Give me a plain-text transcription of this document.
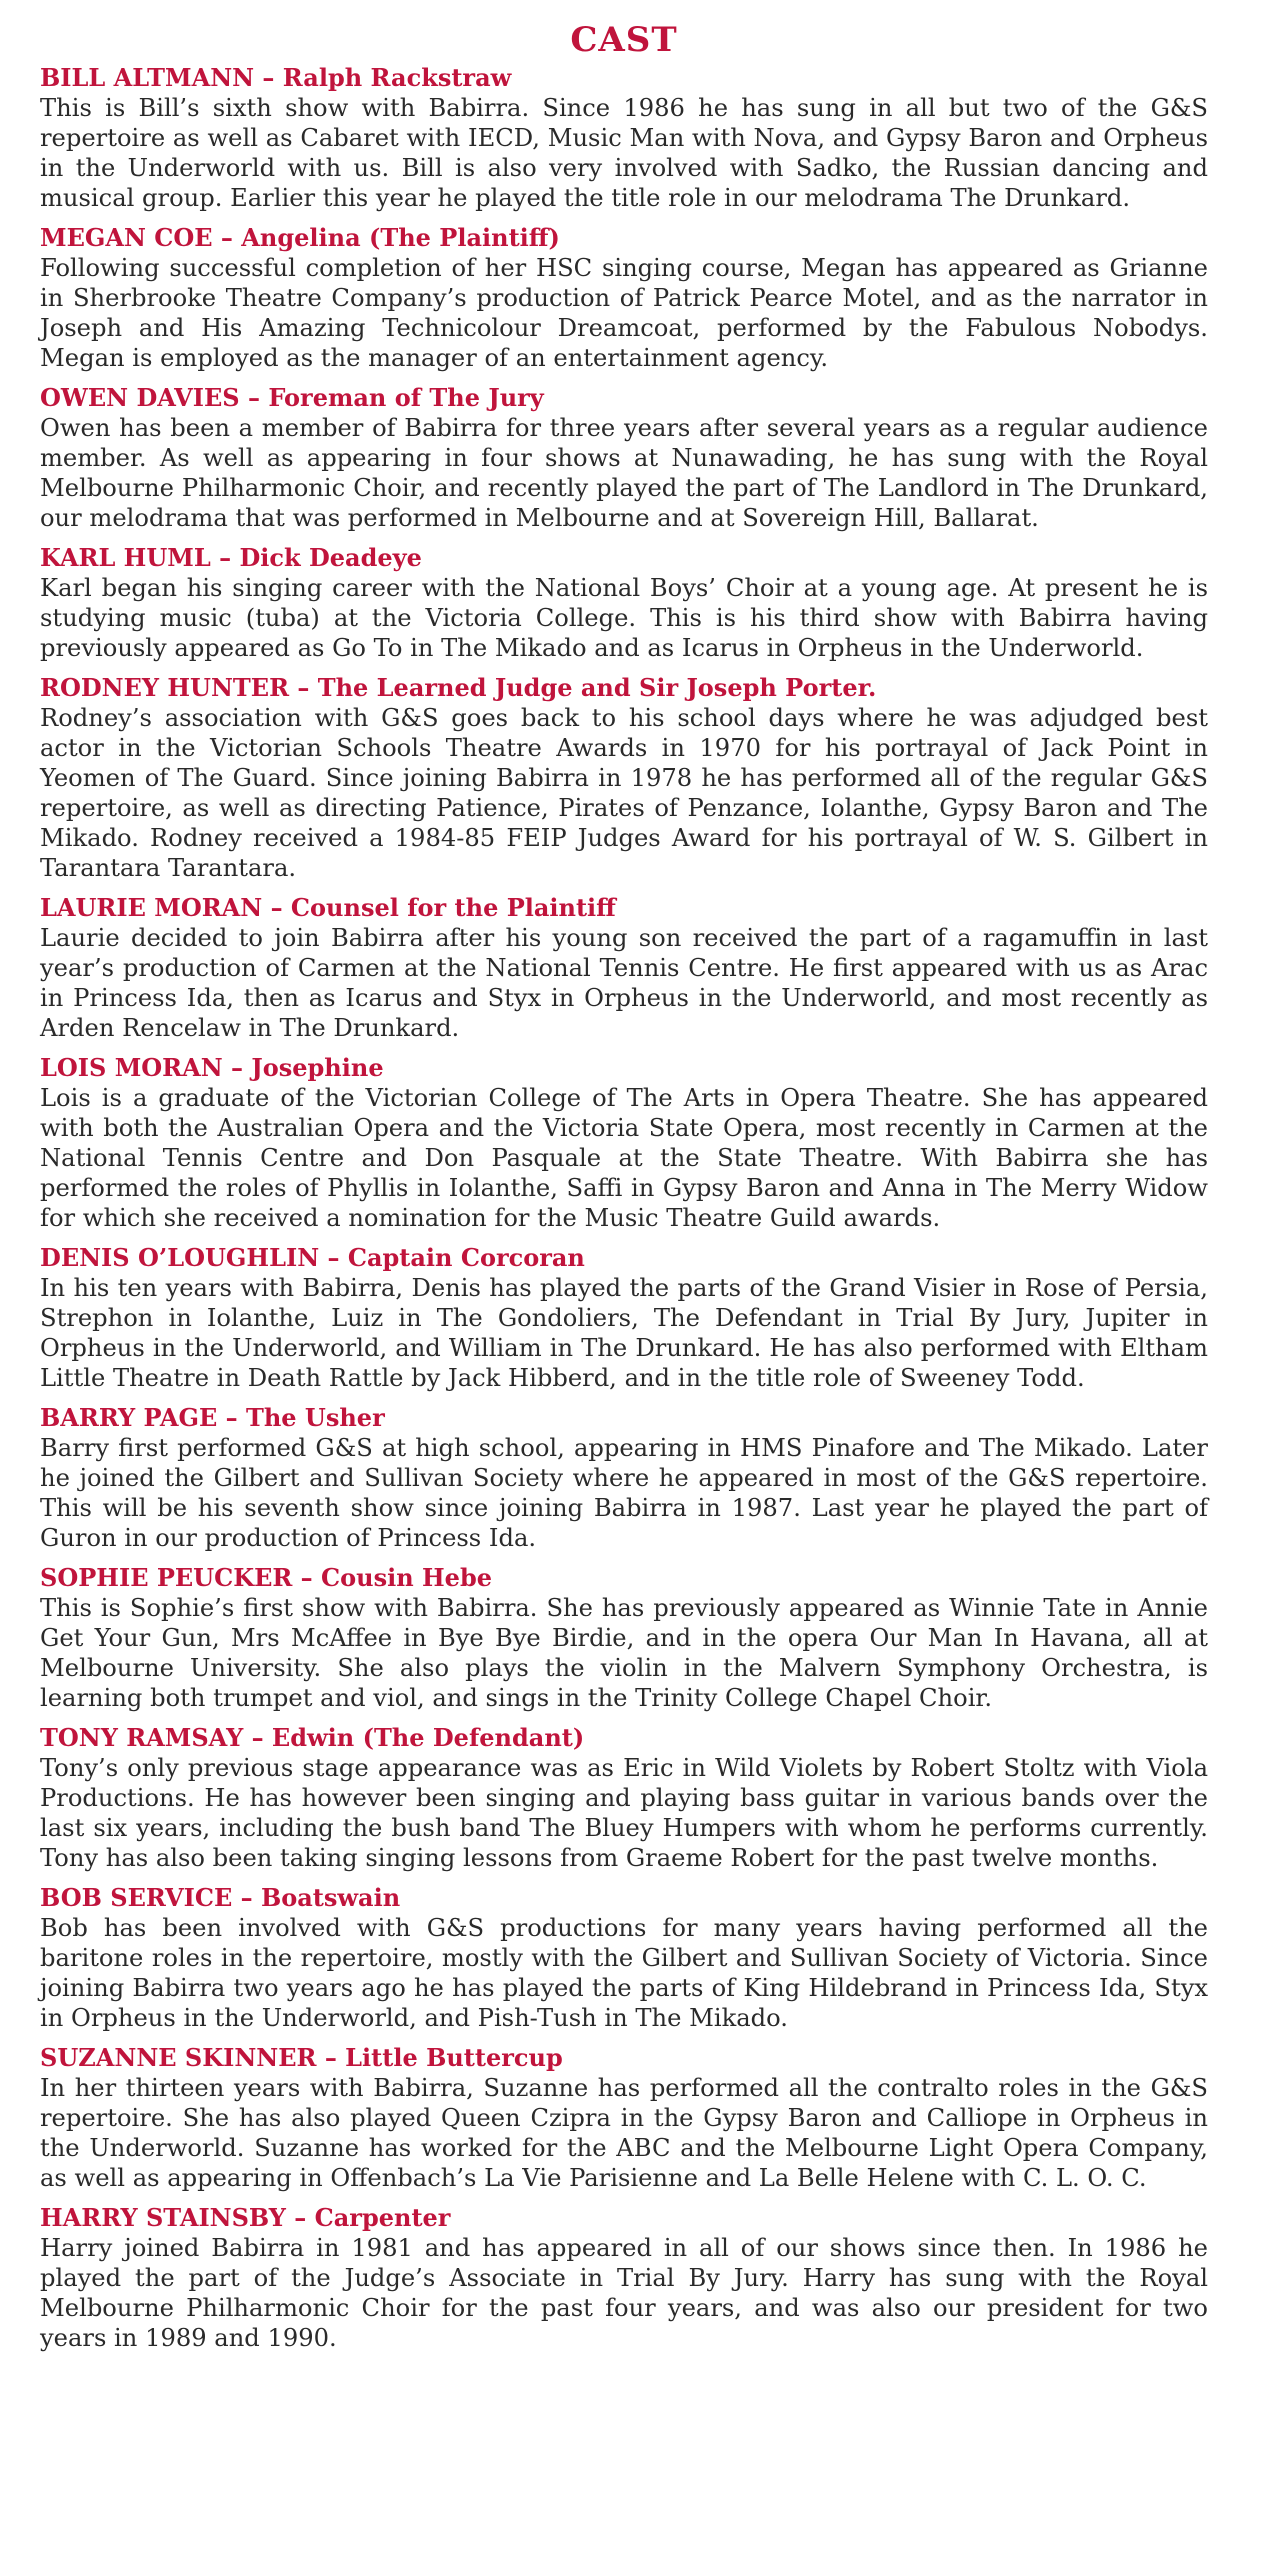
CAST

BILL ALTMANN – Ralph Rackstraw

This is Bill’s sixth show with Babirra. Since 1986 he has sung in all but two of the G&S repertoire as well as Cabaret with IECD, Music Man with Nova, and Gypsy Baron and Orpheus in the Underworld with us. Bill is also very involved with Sadko, the Russian dancing and musical group. Earlier this year he played the title role in our melodrama The Drunkard.

MEGAN COE – Angelina (The Plaintiff)

Following successful completion of her HSC singing course, Megan has appeared as Grianne in Sherbrooke Theatre Company’s production of Patrick Pearce Motel, and as the narrator in Joseph and His Amazing Technicolour Dreamcoat, performed by the Fabulous Nobodys. Megan is employed as the manager of an entertainment agency.

OWEN DAVIES – Foreman of The Jury

Owen has been a member of Babirra for three years after several years as a regular audience member. As well as appearing in four shows at Nunawading, he has sung with the Royal Melbourne Philharmonic Choir, and recently played the part of The Landlord in The Drunkard, our melodrama that was performed in Melbourne and at Sovereign Hill, Ballarat.

KARL HUML – Dick Deadeye

Karl began his singing career with the National Boys’ Choir at a young age. At present he is studying music (tuba) at the Victoria College. This is his third show with Babirra having previously appeared as Go To in The Mikado and as Icarus in Orpheus in the Underworld.

RODNEY HUNTER – The Learned Judge and Sir Joseph Porter.

Rodney’s association with G&S goes back to his school days where he was adjudged best actor in the Victorian Schools Theatre Awards in 1970 for his portrayal of Jack Point in Yeomen of The Guard. Since joining Babirra in 1978 he has performed all of the regular G&S repertoire, as well as directing Patience, Pirates of Penzance, Iolanthe, Gypsy Baron and The Mikado. Rodney received a 1984-85 FEIP Judges Award for his portrayal of W. S. Gilbert in Tarantara Tarantara.

LAURIE MORAN – Counsel for the Plaintiff

Laurie decided to join Babirra after his young son received the part of a ragamuffin in last year’s production of Carmen at the National Tennis Centre. He first appeared with us as Arac in Princess Ida, then as Icarus and Styx in Orpheus in the Underworld, and most recently as Arden Rencelaw in The Drunkard.

LOIS MORAN – Josephine

Lois is a graduate of the Victorian College of The Arts in Opera Theatre. She has appeared with both the Australian Opera and the Victoria State Opera, most recently in Carmen at the National Tennis Centre and Don Pasquale at the State Theatre. With Babirra she has performed the roles of Phyllis in Iolanthe, Saffi in Gypsy Baron and Anna in The Merry Widow for which she received a nomination for the Music Theatre Guild awards.

DENIS O’LOUGHLIN – Captain Corcoran

In his ten years with Babirra, Denis has played the parts of the Grand Visier in Rose of Persia, Strephon in Iolanthe, Luiz in The Gondoliers, The Defendant in Trial By Jury, Jupiter in Orpheus in the Underworld, and William in The Drunkard. He has also performed with Eltham Little Theatre in Death Rattle by Jack Hibberd, and in the title role of Sweeney Todd.

BARRY PAGE – The Usher

Barry first performed G&S at high school, appearing in HMS Pinafore and The Mikado. Later he joined the Gilbert and Sullivan Society where he appeared in most of the G&S repertoire. This will be his seventh show since joining Babirra in 1987. Last year he played the part of Guron in our production of Princess Ida.

SOPHIE PEUCKER – Cousin Hebe

This is Sophie’s first show with Babirra. She has previously appeared as Winnie Tate in Annie Get Your Gun, Mrs McAffee in Bye Bye Birdie, and in the opera Our Man In Havana, all at Melbourne University. She also plays the violin in the Malvern Symphony Orchestra, is learning both trumpet and viol, and sings in the Trinity College Chapel Choir.

TONY RAMSAY – Edwin (The Defendant)

Tony’s only previous stage appearance was as Eric in Wild Violets by Robert Stoltz with Viola Productions. He has however been singing and playing bass guitar in various bands over the last six years, including the bush band The Bluey Humpers with whom he performs currently. Tony has also been taking singing lessons from Graeme Robert for the past twelve months.

BOB SERVICE – Boatswain

Bob has been involved with G&S productions for many years having performed all the baritone roles in the repertoire, mostly with the Gilbert and Sullivan Society of Victoria. Since joining Babirra two years ago he has played the parts of King Hildebrand in Princess Ida, Styx in Orpheus in the Underworld, and Pish-Tush in The Mikado.

SUZANNE SKINNER – Little Buttercup

In her thirteen years with Babirra, Suzanne has performed all the contralto roles in the G&S repertoire. She has also played Queen Czipra in the Gypsy Baron and Calliope in Orpheus in the Underworld. Suzanne has worked for the ABC and the Melbourne Light Opera Company, as well as appearing in Offenbach’s La Vie Parisienne and La Belle Helene with C. L. O. C.

HARRY STAINSBY – Carpenter

Harry joined Babirra in 1981 and has appeared in all of our shows since then. In 1986 he played the part of the Judge’s Associate in Trial By Jury. Harry has sung with the Royal Melbourne Philharmonic Choir for the past four years, and was also our president for two years in 1989 and 1990.
